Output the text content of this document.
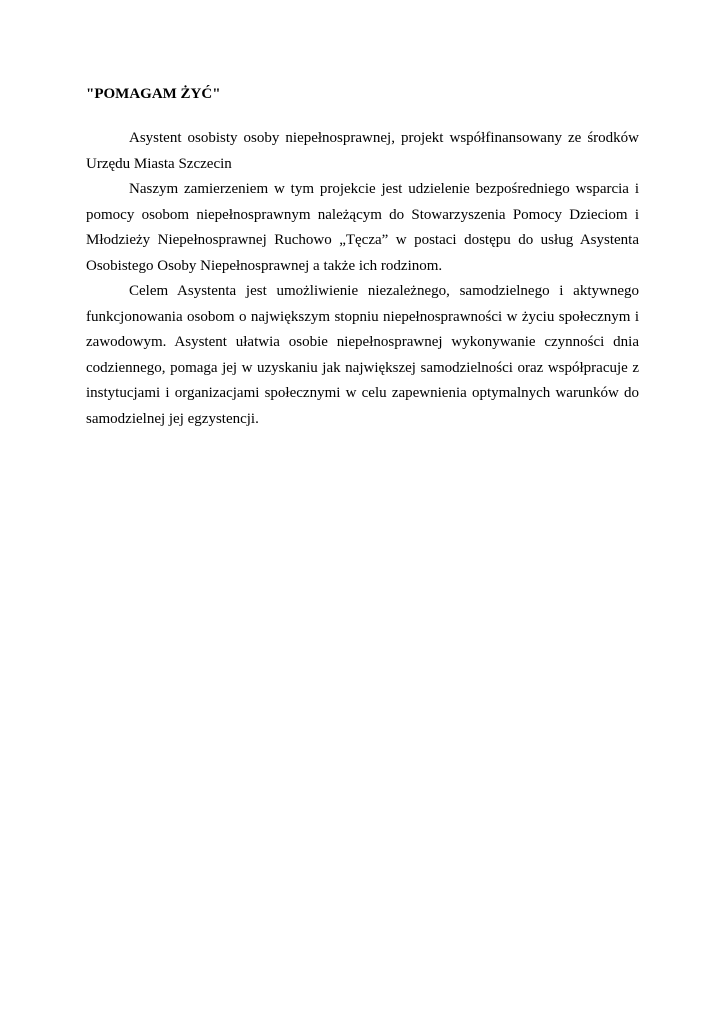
"POMAGAM ŻYĆ"

Asystent osobisty osoby niepełnosprawnej, projekt współfinansowany ze środków Urzędu Miasta Szczecin

Naszym zamierzeniem w tym projekcie jest udzielenie bezpośredniego wsparcia i pomocy osobom niepełnosprawnym należącym do Stowarzyszenia Pomocy Dzieciom i Młodzieży Niepełnosprawnej Ruchowo „Tęcza” w postaci dostępu do usług Asystenta Osobistego Osoby Niepełnosprawnej a także ich rodzinom.

Celem Asystenta jest umożliwienie niezależnego, samodzielnego i aktywnego funkcjonowania osobom o największym stopniu niepełnosprawności w życiu społecznym i zawodowym. Asystent ułatwia osobie niepełnosprawnej wykonywanie czynności dnia codziennego, pomaga jej w uzyskaniu jak największej samodzielności oraz współpracuje z instytucjami i organizacjami społecznymi w celu zapewnienia optymalnych warunków do samodzielnej jej egzystencji.
